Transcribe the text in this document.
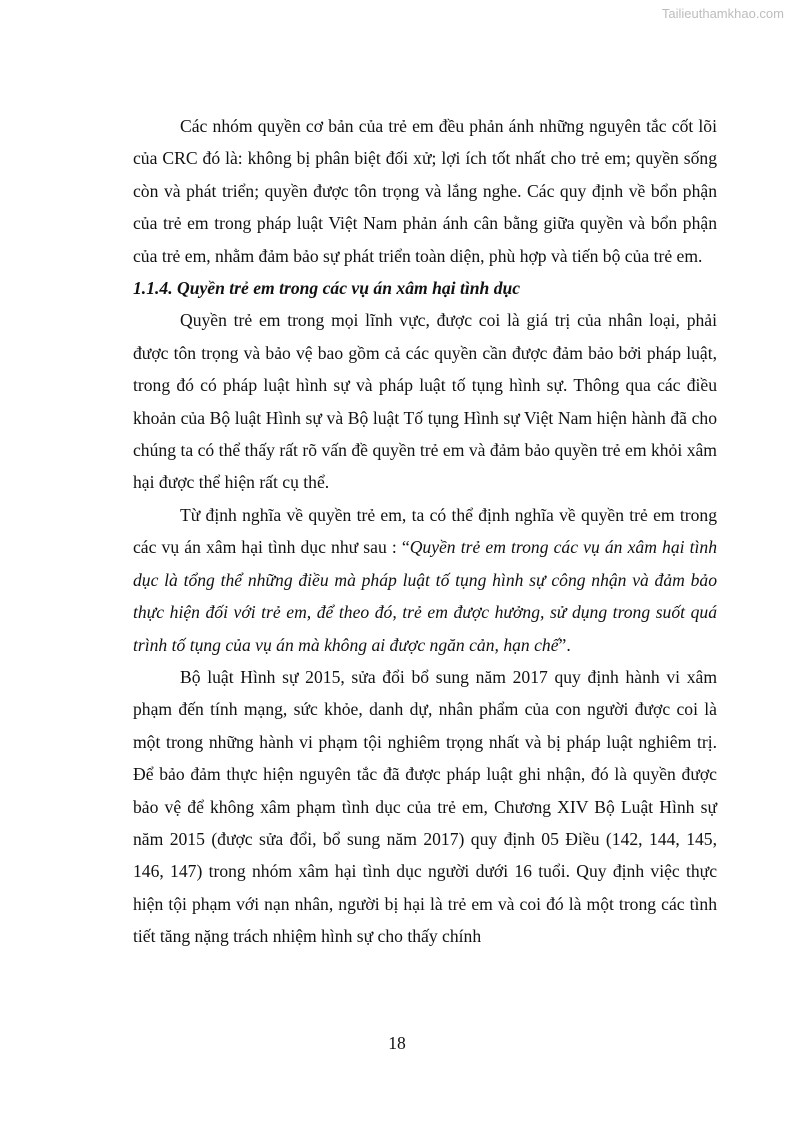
Tailieuthamkhao.com

Các nhóm quyền cơ bản của trẻ em đều phản ánh những nguyên tắc cốt lõi của CRC đó là: không bị phân biệt đối xử; lợi ích tốt nhất cho trẻ em; quyền sống còn và phát triển; quyền được tôn trọng và lắng nghe. Các quy định về bổn phận của trẻ em trong pháp luật Việt Nam phản ánh cân bằng giữa quyền và bổn phận của trẻ em, nhằm đảm bảo sự phát triển toàn diện, phù hợp và tiến bộ của trẻ em.

1.1.4. Quyền trẻ em trong các vụ án xâm hại tình dục

Quyền trẻ em trong mọi lĩnh vực, được coi là giá trị của nhân loại, phải được tôn trọng và bảo vệ bao gồm cả các quyền cần được đảm bảo bởi pháp luật, trong đó có pháp luật hình sự và pháp luật tố tụng hình sự. Thông qua các điều khoản của Bộ luật Hình sự và Bộ luật Tố tụng Hình sự Việt Nam hiện hành đã cho chúng ta có thể thấy rất rõ vấn đề quyền trẻ em và đảm bảo quyền trẻ em khỏi xâm hại được thể hiện rất cụ thể.

Từ định nghĩa về quyền trẻ em, ta có thể định nghĩa về quyền trẻ em trong các vụ án xâm hại tình dục như sau : “Quyền trẻ em trong các vụ án xâm hại tình dục là tổng thể những điều mà pháp luật tố tụng hình sự công nhận và đảm bảo thực hiện đối với trẻ em, để theo đó, trẻ em được hưởng, sử dụng trong suốt quá trình tố tụng của vụ án mà không ai được ngăn cản, hạn chế”.

Bộ luật Hình sự 2015, sửa đổi bổ sung năm 2017 quy định hành vi xâm phạm đến tính mạng, sức khỏe, danh dự, nhân phẩm của con người được coi là một trong những hành vi phạm tội nghiêm trọng nhất và bị pháp luật nghiêm trị. Để bảo đảm thực hiện nguyên tắc đã được pháp luật ghi nhận, đó là quyền được bảo vệ để không xâm phạm tình dục của trẻ em, Chương XIV Bộ Luật Hình sự năm 2015 (được sửa đổi, bổ sung năm 2017) quy định 05 Điều (142, 144, 145, 146, 147) trong nhóm xâm hại tình dục người dưới 16 tuổi. Quy định việc thực hiện tội phạm với nạn nhân, người bị hại là trẻ em và coi đó là một trong các tình tiết tăng nặng trách nhiệm hình sự cho thấy chính

18
